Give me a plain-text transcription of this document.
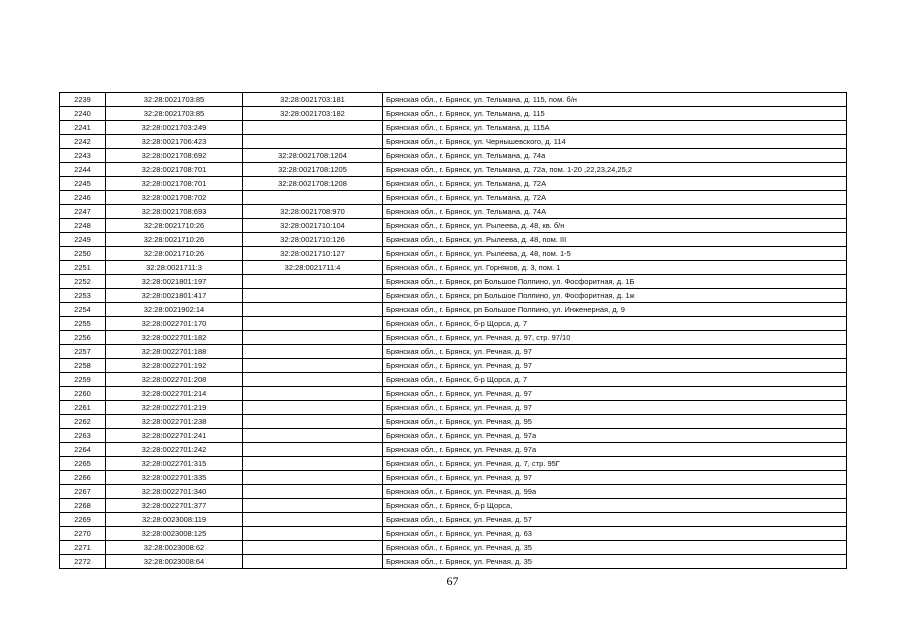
2239	32:28:0021703:85	32:28:0021703:181	Брянская обл., г. Брянск, ул. Тельмана, д. 115, пом. б/н
2240	32:28:0021703:85	32:28:0021703:182	Брянская обл., г. Брянск, ул. Тельмана, д. 115
2241	32:28:0021703:249		Брянская обл., г. Брянск, ул. Тельмана, д. 115А
2242	32:28:0021706:423		Брянская обл., г. Брянск, ул. Чернышевского, д. 114
2243	32:28:0021708:692	32:28:0021708:1204	Брянская обл., г. Брянск, ул. Тельмана, д. 74а
2244	32:28:0021708:701	32:28:0021708:1205	Брянская обл., г. Брянск, ул. Тельмана, д. 72а, пом. 1-20 ,22,23,24,25,2
2245	32:28:0021708:701	32:28:0021708:1208	Брянская обл., г. Брянск, ул. Тельмана, д. 72А
2246	32:28:0021708:702		Брянская обл., г. Брянск, ул. Тельмана, д. 72А
2247	32:28:0021708:693	32:28:0021708:970	Брянская обл., г. Брянск, ул. Тельмана, д. 74А
2248	32:28:0021710:26	32:28:0021710:104	Брянская обл., г. Брянск, ул. Рылеева, д. 48, кв. б/н
2249	32:28:0021710:26	32:28:0021710:126	Брянская обл., г. Брянск, ул. Рылеева, д. 48, пом. III
2250	32:28:0021710:26	32:28:0021710:127	Брянская обл., г. Брянск, ул. Рылеева, д. 48, пом. 1-5
2251	32:28:0021711:3	32:28:0021711:4	Брянская обл., г. Брянск, ул. Горняков, д. 3, пом. 1
2252	32:28:0021801:197		Брянская обл., г. Брянск, рп Большое Полпино, ул. Фосфоритная, д. 1Б
2253	32:28:0021801:417		Брянская обл., г. Брянск, рп Большое Полпино, ул. Фосфоритная, д. 1ж
2254	32:28:0021902:14		Брянская обл., г. Брянск, рп Большое Полпино, ул. Инженерная, д. 9
2255	32:28:0022701:170		Брянская обл., г. Брянск, б-р Щорса, д. 7
2256	32:28:0022701:182		Брянская обл., г. Брянск, ул. Речная, д. 97, стр. 97/10
2257	32:28:0022701:188		Брянская обл., г. Брянск, ул. Речная, д. 97
2258	32:28:0022701:192		Брянская обл., г. Брянск, ул. Речная, д. 97
2259	32:28:0022701:208		Брянская обл., г. Брянск, б-р Щорса, д. 7
2260	32:28:0022701:214		Брянская обл., г. Брянск, ул. Речная, д. 97
2261	32:28:0022701:219		Брянская обл., г. Брянск, ул. Речная, д. 97
2262	32:28:0022701:238		Брянская обл., г. Брянск, ул. Речная, д. 95
2263	32:28:0022701:241		Брянская обл., г. Брянск, ул. Речная, д. 97а
2264	32:28:0022701:242		Брянская обл., г. Брянск, ул. Речная, д. 97а
2265	32:28:0022701:315		Брянская обл., г. Брянск, ул. Речная, д. 7, стр. 95Г
2266	32:28:0022701:335		Брянская обл., г. Брянск, ул. Речная, д. 97
2267	32:28:0022701:340		Брянская обл., г. Брянск, ул. Речная, д. 99а
2268	32:28:0022701:377		Брянская обл., г. Брянск, б-р Щорса,
2269	32:28:0023008:119		Брянская обл., г. Брянск, ул. Речная, д. 57
2270	32:28:0023008:125		Брянская обл., г. Брянск, ул. Речная, д. 63
2271	32:28:0023008:62		Брянская обл., г. Брянск, ул. Речная, д. 35
2272	32:28:0023008:64		Брянская обл., г. Брянск, ул. Речная, д. 35
67
